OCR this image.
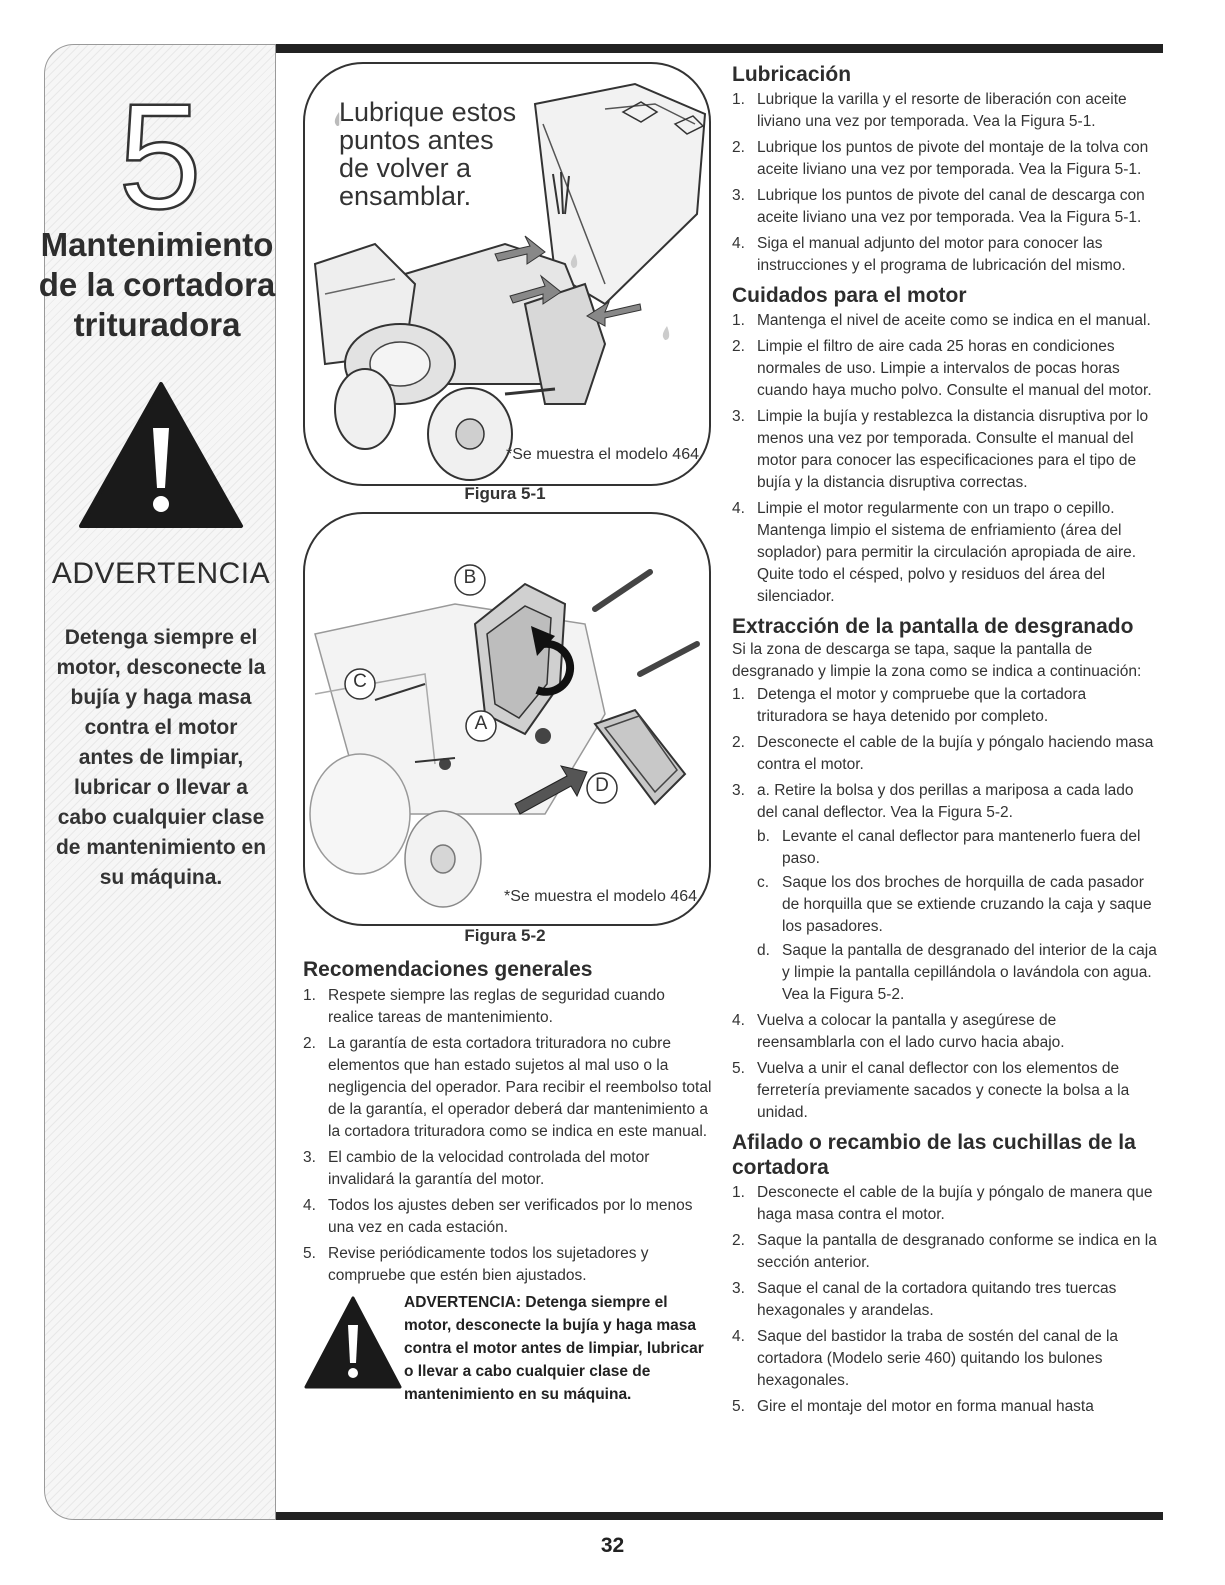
5
Mantenimiento
de la cortadora
trituradora
ADVERTENCIA
Detenga siempre el motor, desconecte la bujía y haga masa contra el motor antes de limpiar, lubricar o llevar a cabo cualquier clase de mantenimiento en su máquina.
Lubrique estos puntos antes de volver a ensamblar.
*Se muestra el modelo 464
Figura 5-1
B
C
A
D
*Se muestra el modelo 464
Figura 5-2
Recomendaciones generales
1. Respete siempre las reglas de seguridad cuando realice tareas de mantenimiento.
2. La garantía de esta cortadora trituradora no cubre elementos que han estado sujetos al mal uso o la negligencia del operador. Para recibir el reembolso total de la garantía, el operador deberá dar mantenimiento a la cortadora trituradora como se indica en este manual.
3. El cambio de la velocidad controlada del motor invalidará la garantía del motor.
4. Todos los ajustes deben ser verificados por lo menos una vez en cada estación.
5. Revise periódicamente todos los sujetadores y compruebe que estén bien ajustados.
ADVERTENCIA: Detenga siempre el motor, desconecte la bujía y haga masa contra el motor antes de limpiar, lubricar o llevar a cabo cualquier clase de mantenimiento en su máquina.
Lubricación
1. Lubrique la varilla y el resorte de liberación con aceite liviano una vez por temporada. Vea la Figura 5-1.
2. Lubrique los puntos de pivote del montaje de la tolva con aceite liviano una vez por temporada. Vea la Figura 5-1.
3. Lubrique los puntos de pivote del canal de descarga con aceite liviano una vez por temporada. Vea la Figura 5-1.
4. Siga el manual adjunto del motor para conocer las instrucciones y el programa de lubricación del mismo.
Cuidados para el motor
1. Mantenga el nivel de aceite como se indica en el manual.
2. Limpie el filtro de aire cada 25 horas en condiciones normales de uso. Limpie a intervalos de pocas horas cuando haya mucho polvo. Consulte el manual del motor.
3. Limpie la bujía y restablezca la distancia disruptiva por lo menos una vez por temporada. Consulte el manual del motor para conocer las especificaciones para el tipo de bujía y la distancia disruptiva correctas.
4. Limpie el motor regularmente con un trapo o cepillo. Mantenga limpio el sistema de enfriamiento (área del soplador) para permitir la circulación apropiada de aire. Quite todo el césped, polvo y residuos del área del silenciador.
Extracción de la pantalla de desgranado

Si la zona de descarga se tapa, saque la pantalla de desgranado y limpie la zona como se indica a continuación:

1. Detenga el motor y compruebe que la cortadora trituradora se haya detenido por completo.
2. Desconecte el cable de la bujía y póngalo haciendo masa contra el motor.
3. a. Retire la bolsa y dos perillas a mariposa a cada lado del canal deflector. Vea la Figura 5-2.
b. Levante el canal deflector para mantenerlo fuera del paso.
c. Saque los dos broches de horquilla de cada pasador de horquilla que se extiende cruzando la caja y saque los pasadores.
d. Saque la pantalla de desgranado del interior de la caja y limpie la pantalla cepillándola o lavándola con agua. Vea la Figura 5-2.
4. Vuelva a colocar la pantalla y asegúrese de reensamblarla con el lado curvo hacia abajo.
5. Vuelva a unir el canal deflector con los elementos de ferretería previamente sacados y conecte la bolsa a la unidad.
Afilado o recambio de las cuchillas de la cortadora
1. Desconecte el cable de la bujía y póngalo de manera que haga masa contra el motor.
2. Saque la pantalla de desgranado conforme se indica en la sección anterior.
3. Saque el canal de la cortadora quitando tres tuercas hexagonales y arandelas.
4. Saque del bastidor la traba de sostén del canal de la cortadora (Modelo serie 460) quitando los bulones hexagonales.
5. Gire el montaje del motor en forma manual hasta
32
